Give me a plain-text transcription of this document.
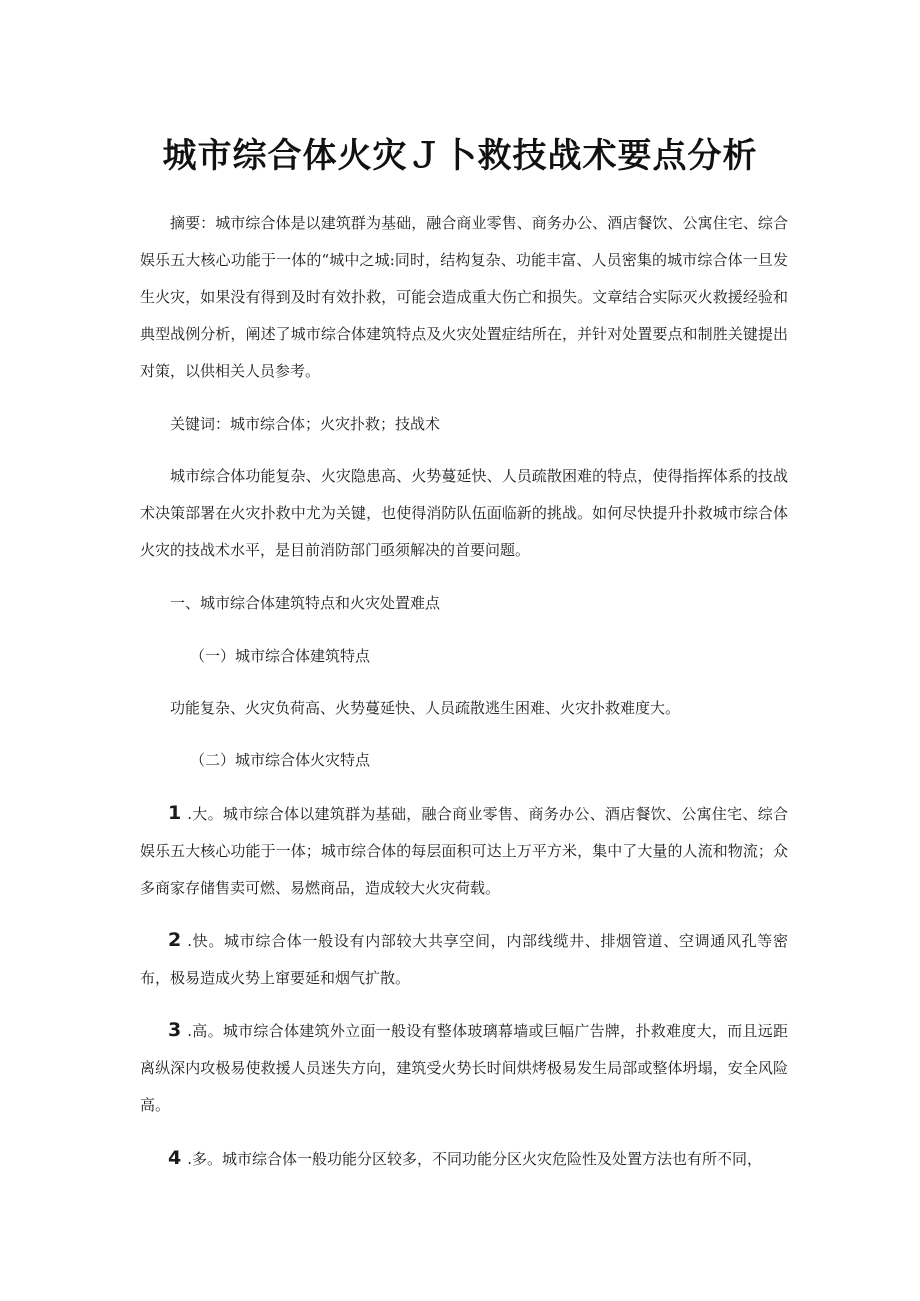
城市综合体火灾Ｊ卜救技战术要点分析

摘要：城市综合体是以建筑群为基础，融合商业零售、商务办公、酒店餐饮、公寓住宅、综合娱乐五大核心功能于一体的“城中之城:同时，结构复杂、功能丰富、人员密集的城市综合体一旦发生火灾，如果没有得到及时有效扑救，可能会造成重大伤亡和损失。文章结合实际灭火救援经验和典型战例分析，阐述了城市综合体建筑特点及火灾处置症结所在，并针对处置要点和制胜关键提出对策，以供相关人员参考。

关键词：城市综合体；火灾扑救；技战术

城市综合体功能复杂、火灾隐患高、火势蔓延快、人员疏散困难的特点，使得指挥体系的技战术决策部署在火灾扑救中尤为关键，也使得消防队伍面临新的挑战。如何尽快提升扑救城市综合体火灾的技战术水平，是目前消防部门亟须解决的首要问题。

一、城市综合体建筑特点和火灾处置难点

（一）城市综合体建筑特点

功能复杂、火灾负荷高、火势蔓延快、人员疏散逃生困难、火灾扑救难度大。

（二）城市综合体火灾特点

1 .大。城市综合体以建筑群为基础，融合商业零售、商务办公、酒店餐饮、公寓住宅、综合娱乐五大核心功能于一体；城市综合体的每层面积可达上万平方米，集中了大量的人流和物流；众多商家存储售卖可燃、易燃商品，造成较大火灾荷载。

2 .快。城市综合体一般设有内部较大共享空间，内部线缆井、排烟管道、空调通风孔等密布，极易造成火势上窜要延和烟气扩散。

3 .高。城市综合体建筑外立面一般设有整体玻璃幕墙或巨幅广告牌，扑救难度大，而且远距离纵深内攻极易使救援人员迷失方向，建筑受火势长时间烘烤极易发生局部或整体坍塌，安全风险高。

4 .多。城市综合体一般功能分区较多，不同功能分区火灾危险性及处置方法也有所不同，
